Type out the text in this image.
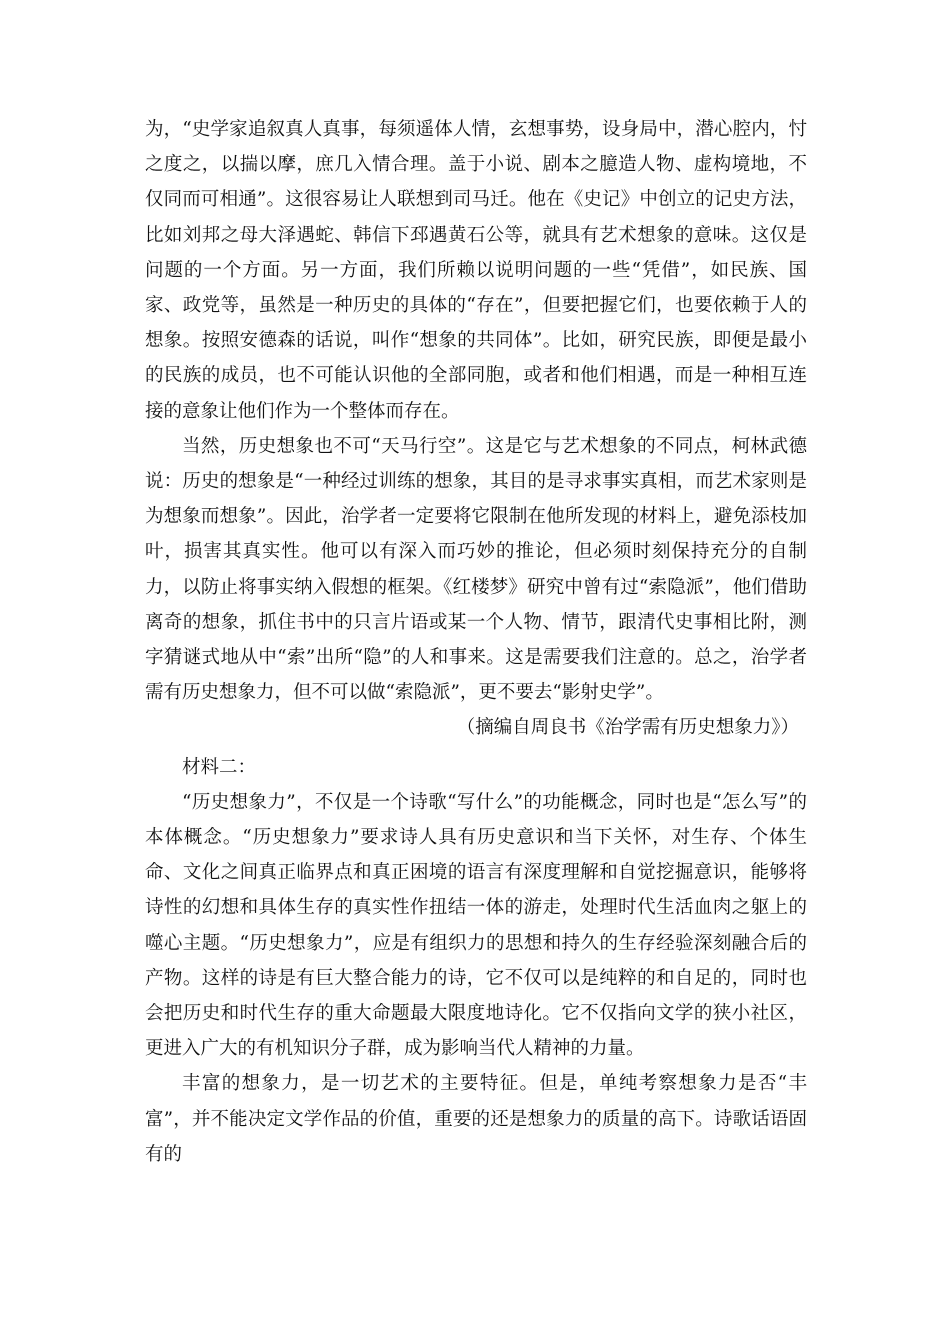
为，“史学家追叙真人真事，每须遥体人情，玄想事势，设身局中，潜心腔内，忖之度之，以揣以摩，庶几入情合理。盖于小说、剧本之臆造人物、虚构境地，不仅同而可相通”。这很容易让人联想到司马迁。他在《史记》中创立的记史方法，比如刘邦之母大泽遇蛇、韩信下邳遇黄石公等，就具有艺术想象的意味。这仅是问题的一个方面。另一方面，我们所赖以说明问题的一些“凭借”，如民族、国家、政党等，虽然是一种历史的具体的“存在”，但要把握它们，也要依赖于人的想象。按照安德森的话说，叫作“想象的共同体”。比如，研究民族，即便是最小的民族的成员，也不可能认识他的全部同胞，或者和他们相遇，而是一种相互连接的意象让他们作为一个整体而存在。

当然，历史想象也不可“天马行空”。这是它与艺术想象的不同点，柯林武德说：历史的想象是“一种经过训练的想象，其目的是寻求事实真相，而艺术家则是为想象而想象”。因此，治学者一定要将它限制在他所发现的材料上，避免添枝加叶，损害其真实性。他可以有深入而巧妙的推论，但必须时刻保持充分的自制力，以防止将事实纳入假想的框架。《红楼梦》研究中曾有过“索隐派”，他们借助离奇的想象，抓住书中的只言片语或某一个人物、情节，跟清代史事相比附，测字猜谜式地从中“索”出所“隐”的人和事来。这是需要我们注意的。总之，治学者需有历史想象力，但不可以做“索隐派”，更不要去“影射史学”。

（摘编自周良书《治学需有历史想象力》）

材料二：

“历史想象力”，不仅是一个诗歌“写什么”的功能概念，同时也是“怎么写”的本体概念。“历史想象力”要求诗人具有历史意识和当下关怀，对生存、个体生命、文化之间真正临界点和真正困境的语言有深度理解和自觉挖掘意识，能够将诗性的幻想和具体生存的真实性作扭结一体的游走，处理时代生活血肉之躯上的噬心主题。“历史想象力”，应是有组织力的思想和持久的生存经验深刻融合后的产物。这样的诗是有巨大整合能力的诗，它不仅可以是纯粹的和自足的，同时也会把历史和时代生存的重大命题最大限度地诗化。它不仅指向文学的狭小社区，更进入广大的有机知识分子群，成为影响当代人精神的力量。

丰富的想象力，是一切艺术的主要特征。但是，单纯考察想象力是否“丰富”，并不能决定文学作品的价值，重要的还是想象力的质量的高下。诗歌话语固有的
